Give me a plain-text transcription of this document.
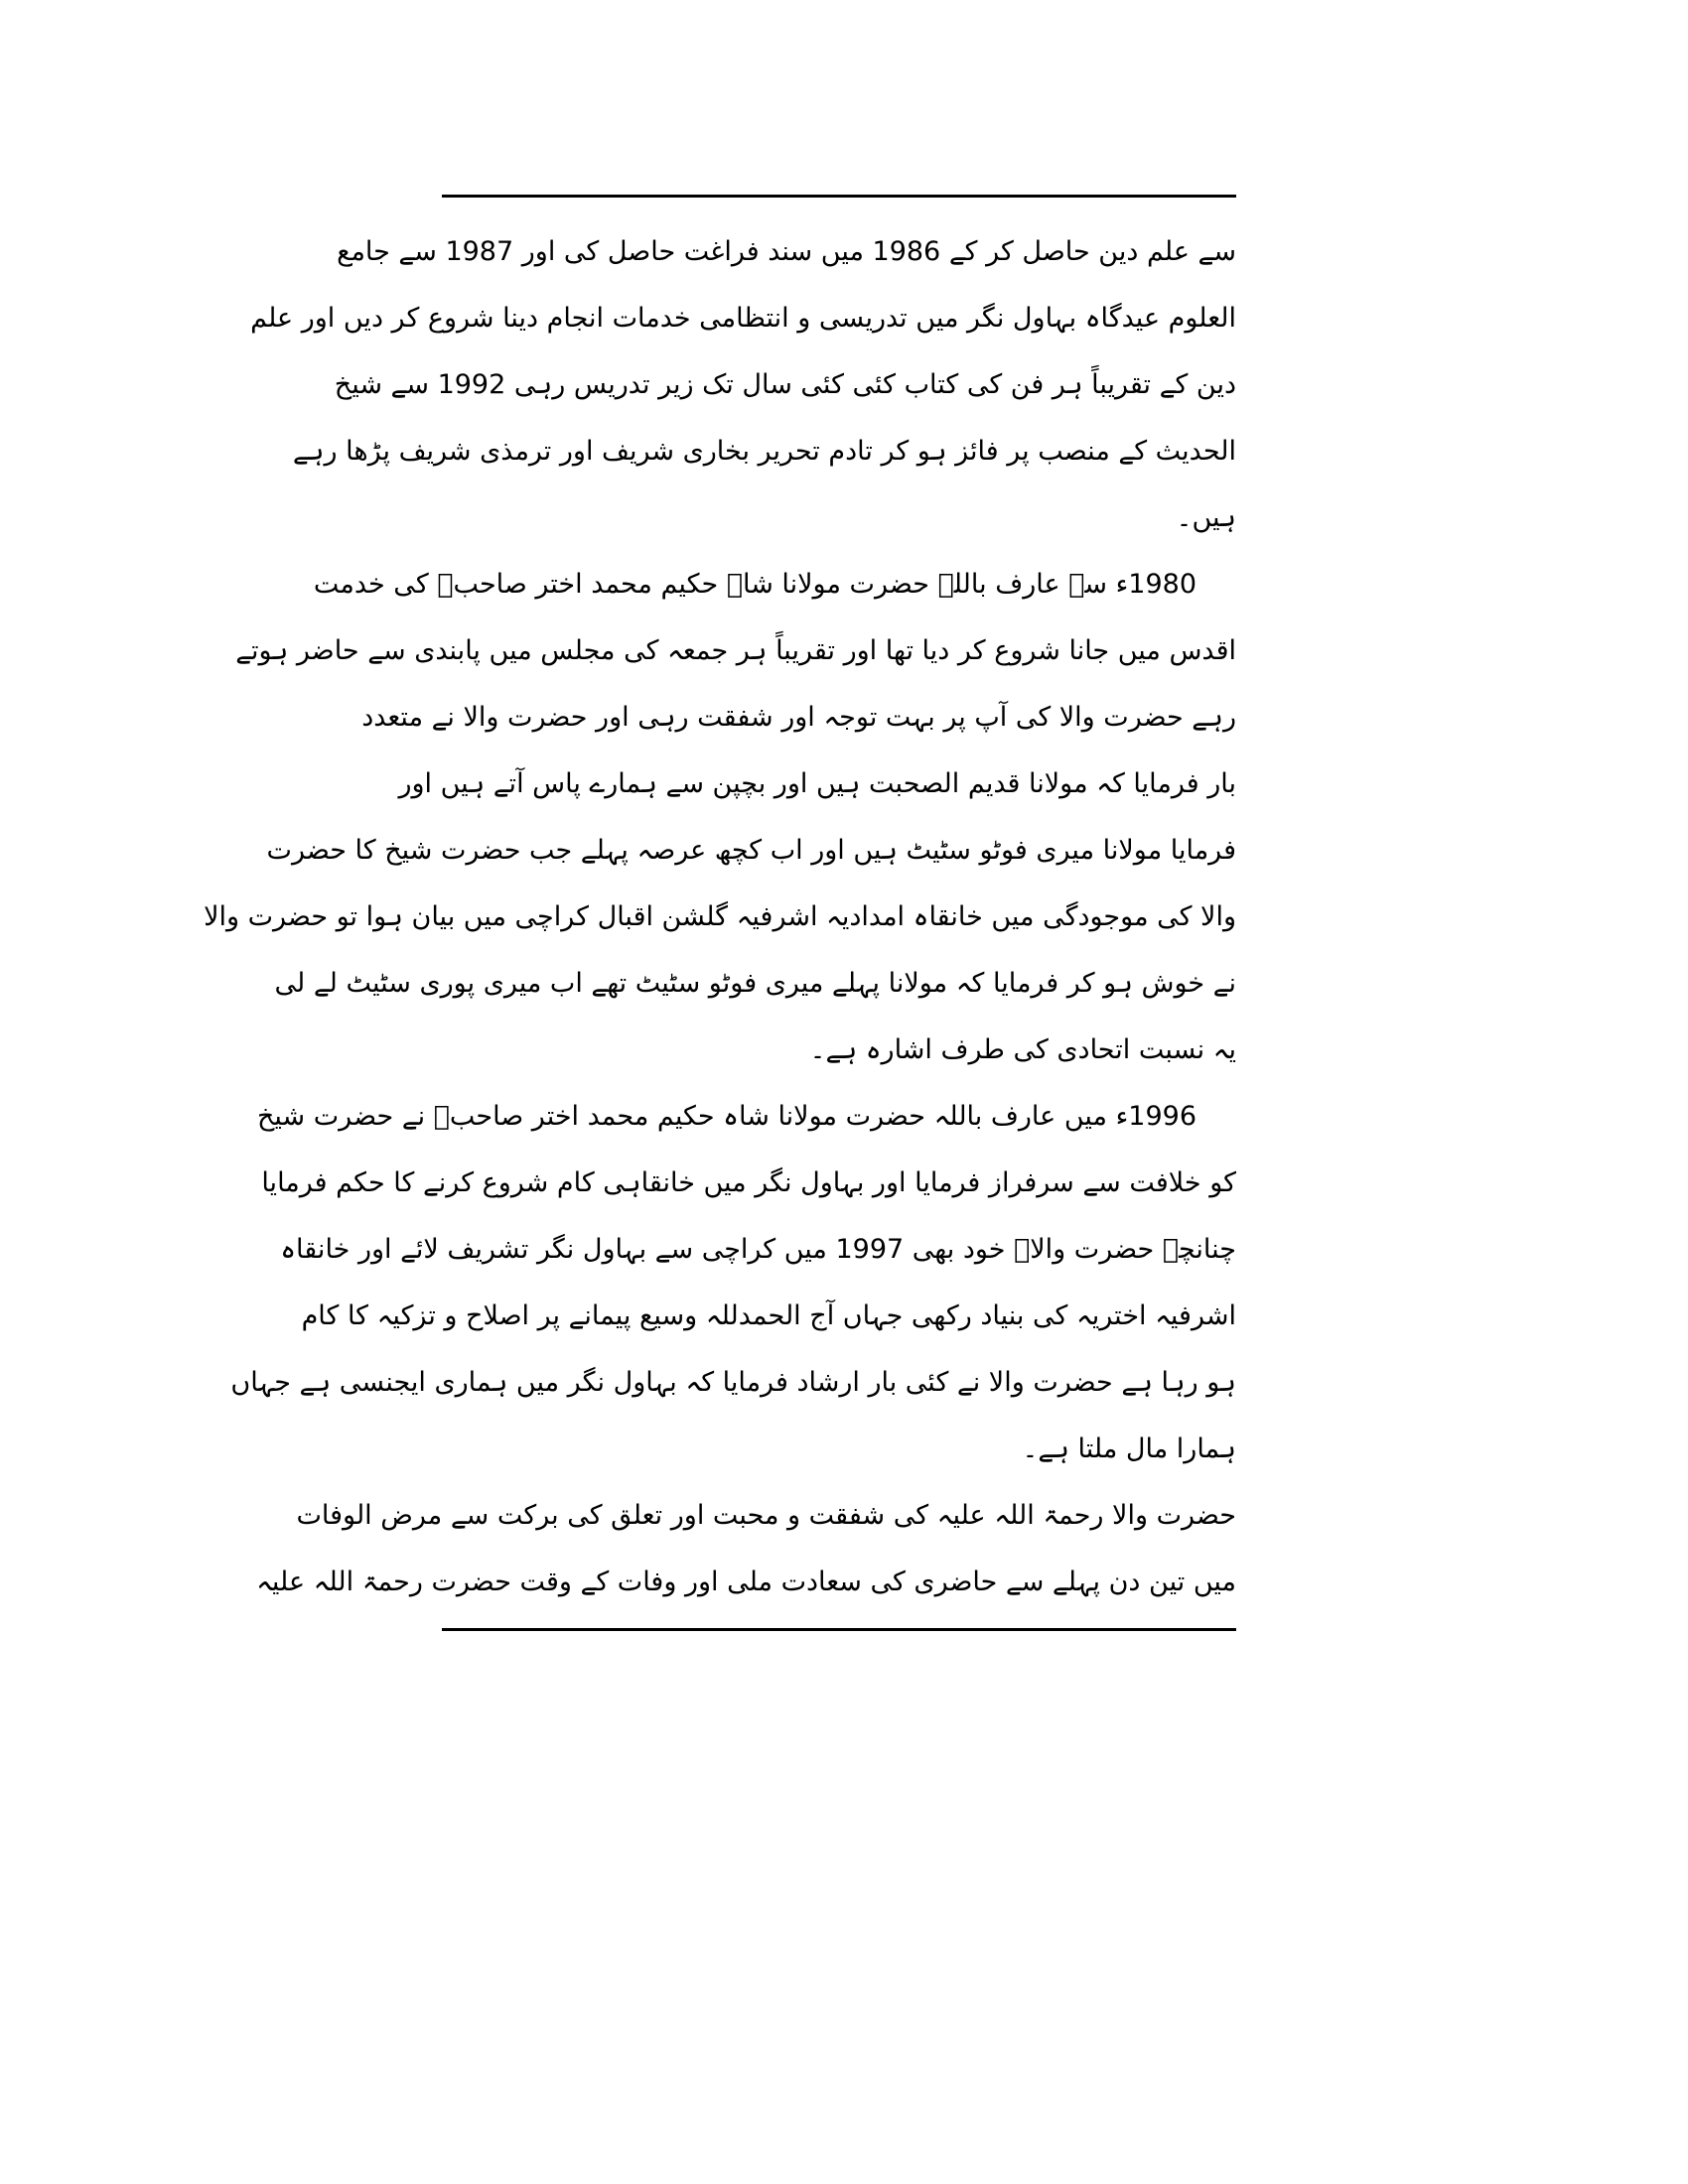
سے علم دین حاصل کر کے 1986 میں سند فراغت حاصل کی اور 1987 سے جامع
العلوم عیدگاہ بہاول نگر میں تدریسی و انتظامی خدمات انجام دینا شروع کر دیں اور علم
دین کے تقریباً ہر فن کی کتاب کئی کئی سال تک زیر تدریس رہی 1992 سے شیخ
الحدیث کے منصب پر فائز ہو کر تادم تحریر بخاری شریف اور ترمذی شریف پڑھا رہے
ہیں۔
1980ء سے عارف باللہ حضرت مولانا شاہ حکیم محمد اختر صاحبؒ کی خدمت
اقدس میں جانا شروع کر دیا تھا اور تقریباً ہر جمعہ کی مجلس میں پابندی سے حاضر ہوتے
رہے حضرت والا کی آپ پر بہت توجہ اور شفقت رہی اور حضرت والا نے متعدد
بار فرمایا کہ مولانا قدیم الصحبت ہیں اور بچپن سے ہمارے پاس آتے ہیں اور
فرمایا مولانا میری فوٹو سٹیٹ ہیں اور اب کچھ عرصہ پہلے جب حضرت شیخ کا حضرت
والا کی موجودگی میں خانقاہ امدادیہ اشرفیہ گلشن اقبال کراچی میں بیان ہوا تو حضرت والا
نے خوش ہو کر فرمایا کہ مولانا پہلے میری فوٹو سٹیٹ تھے اب میری پوری سٹیٹ لے لی
یہ نسبت اتحادی کی طرف اشارہ ہے۔
1996ء میں عارف باللہ حضرت مولانا شاہ حکیم محمد اختر صاحبؒ نے حضرت شیخ
کو خلافت سے سرفراز فرمایا اور بہاول نگر میں خانقاہی کام شروع کرنے کا حکم فرمایا
چنانچہ حضرت والاؒ خود بھی 1997 میں کراچی سے بہاول نگر تشریف لائے اور خانقاہ
اشرفیہ اختریہ کی بنیاد رکھی جہاں آج الحمدللہ وسیع پیمانے پر اصلاح و تزکیہ کا کام
ہو رہا ہے حضرت والا نے کئی بار ارشاد فرمایا کہ بہاول نگر میں ہماری ایجنسی ہے جہاں
ہمارا مال ملتا ہے۔
حضرت والا رحمۃ اللہ علیہ کی شفقت و محبت اور تعلق کی برکت سے مرض الوفات
میں تین دن پہلے سے حاضری کی سعادت ملی اور وفات کے وقت حضرت رحمۃ اللہ علیہ
